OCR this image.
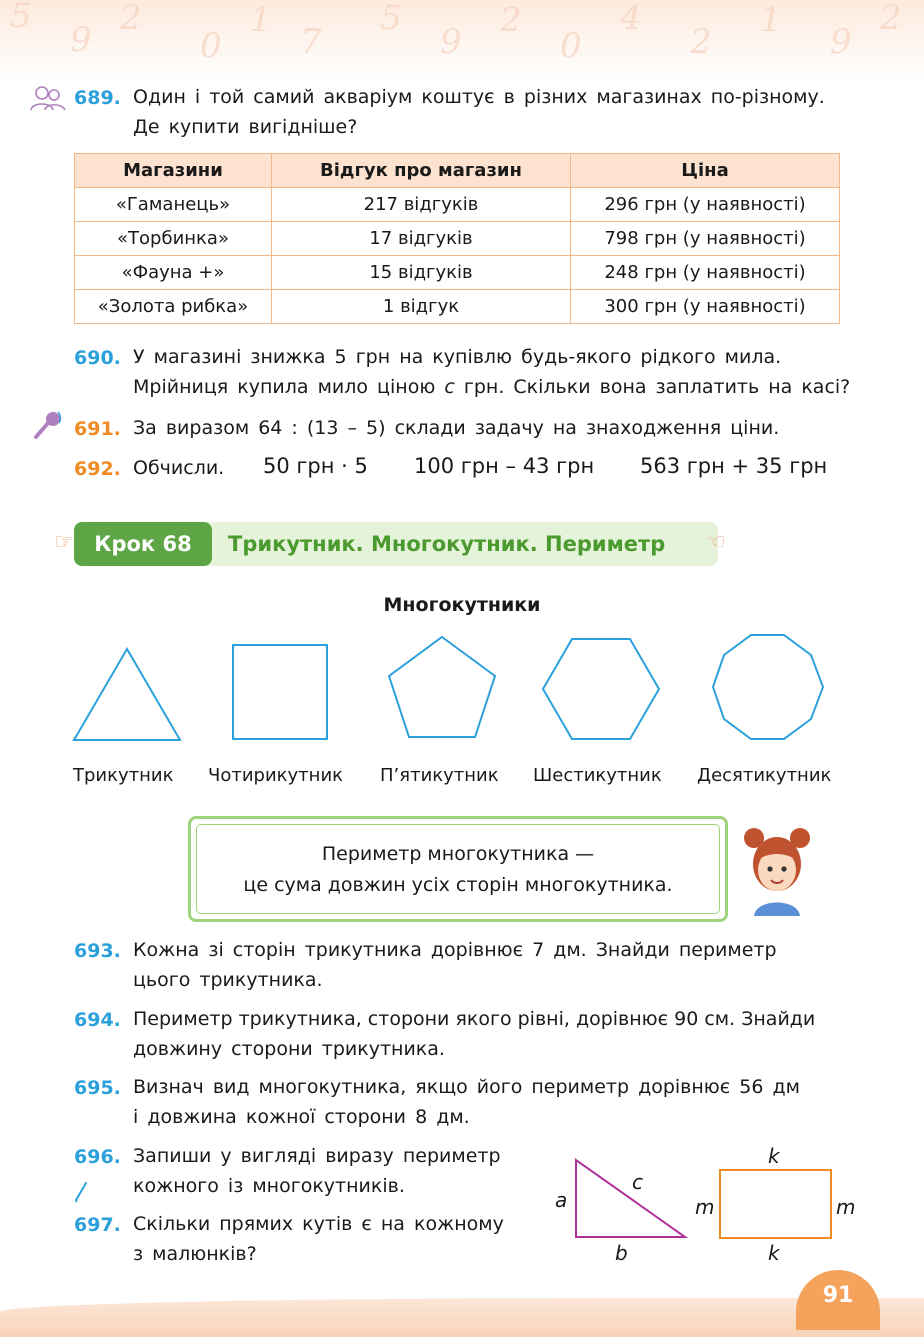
5
9
2
0
1
7
5
9
2
0
4
2
1
9
2
689. Один і той самий акваріум коштує в різних магазинах по-різному.
Де купити вигідніше?
Магазини	Відгук про магазин	Ціна
«Гаманець»	217 відгуків	296 грн (у наявності)
«Торбинка»	17 відгуків	798 грн (у наявності)
«Фауна +»	15 відгуків	248 грн (у наявності)
«Золота рибка»	1 відгук	300 грн (у наявності)
690. У магазині знижка 5 грн на купівлю будь-якого рідкого мила.
Мрійниця купила мило ціною c грн. Скільки вона заплатить на касі?
691. За виразом 64 : (13 – 5) склади задачу на знаходження ціни.
692. Обчисли. 50 грн · 5 100 грн – 43 грн 563 грн + 35 грн
☞ Крок 68	Трикутник. Многокутник. Периметр ☜
Многокутники
Трикутник Чотирикутник П’ятикутник Шестикутник Десятикутник
Периметр многокутника —
це сума довжин усіх сторін многокутника.
693. Кожна зі сторін трикутника дорівнює 7 дм. Знайди периметр
цього трикутника.
694. Периметр трикутника, сторони якого рівні, дорівнює 90 см. Знайди
довжину сторони трикутника.
695. Визнач вид многокутника, якщо його периметр дорівнює 56 дм
і довжина кожної сторони 8 дм.
696. Запиши у вигляді виразу периметр
кожного із многокутників.
697. Скільки прямих кутів є на кожному
з малюнків?
a
c
b
k
m	m
k
91
